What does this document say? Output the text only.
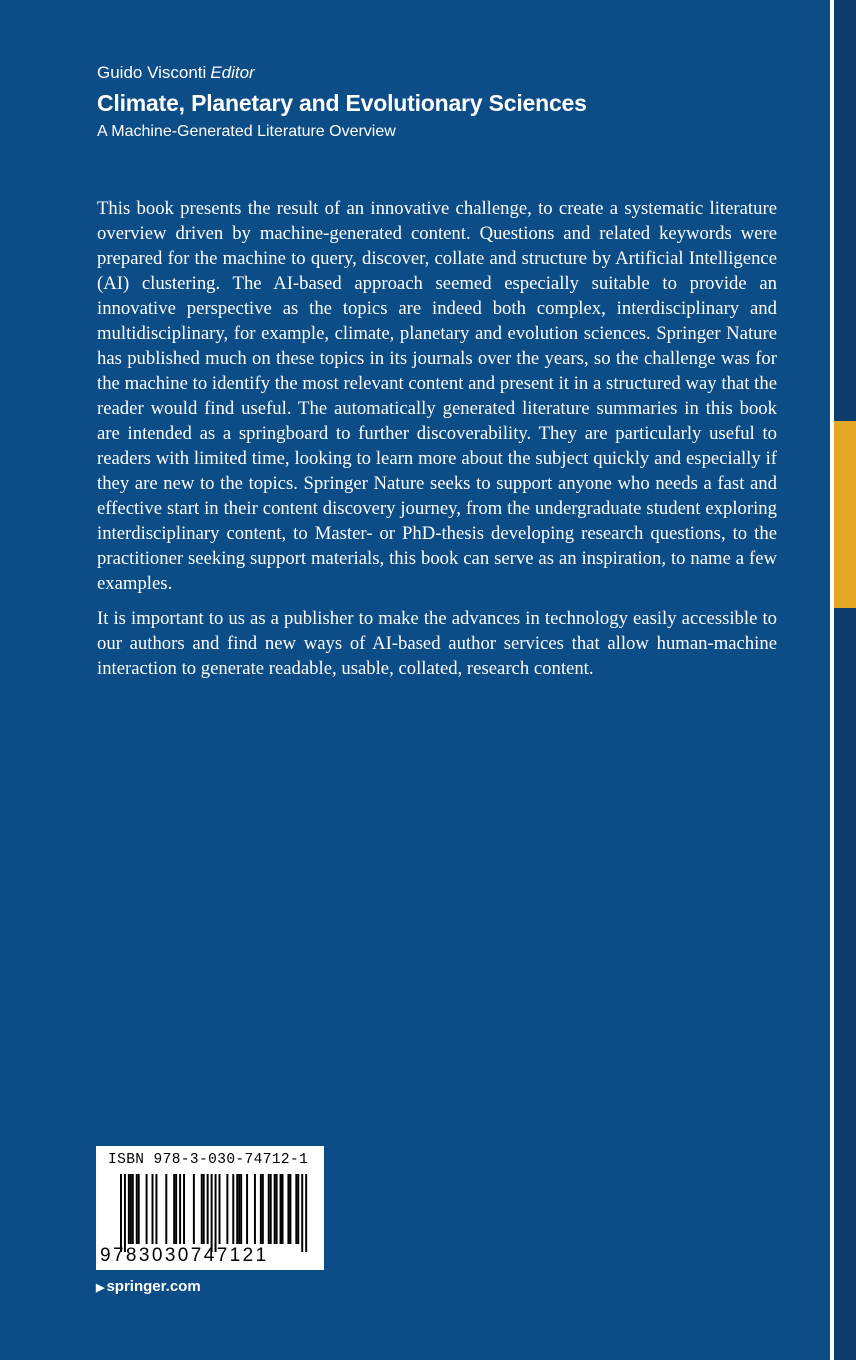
Guido Visconti Editor
Climate, Planetary and Evolutionary Sciences
A Machine-Generated Literature Overview

This book presents the result of an innovative challenge, to create a systematic literature overview driven by machine-generated content. Questions and related keywords were prepared for the machine to query, discover, collate and structure by Artificial Intelligence (AI) clustering. The AI-based approach seemed especially suitable to provide an innovative perspective as the topics are indeed both complex, interdisciplinary and multidisciplinary, for example, climate, planetary and evolution sciences. Springer Nature has published much on these topics in its journals over the years, so the challenge was for the machine to identify the most relevant content and present it in a structured way that the reader would find useful. The automatically generated literature summaries in this book are intended as a springboard to further discoverability. They are particularly useful to readers with limited time, looking to learn more about the subject quickly and especially if they are new to the topics. Springer Nature seeks to support anyone who needs a fast and effective start in their content discovery journey, from the undergraduate student exploring interdisciplinary content, to Master- or PhD-thesis developing research questions, to the practitioner seeking support materials, this book can serve as an inspiration, to name a few examples.

It is important to us as a publisher to make the advances in technology easily accessible to our authors and find new ways of AI-based author services that allow human-machine interaction to generate readable, usable, collated, research content.

ISBN 978-3-030-74712-1
9783030747121
▶ springer.com
